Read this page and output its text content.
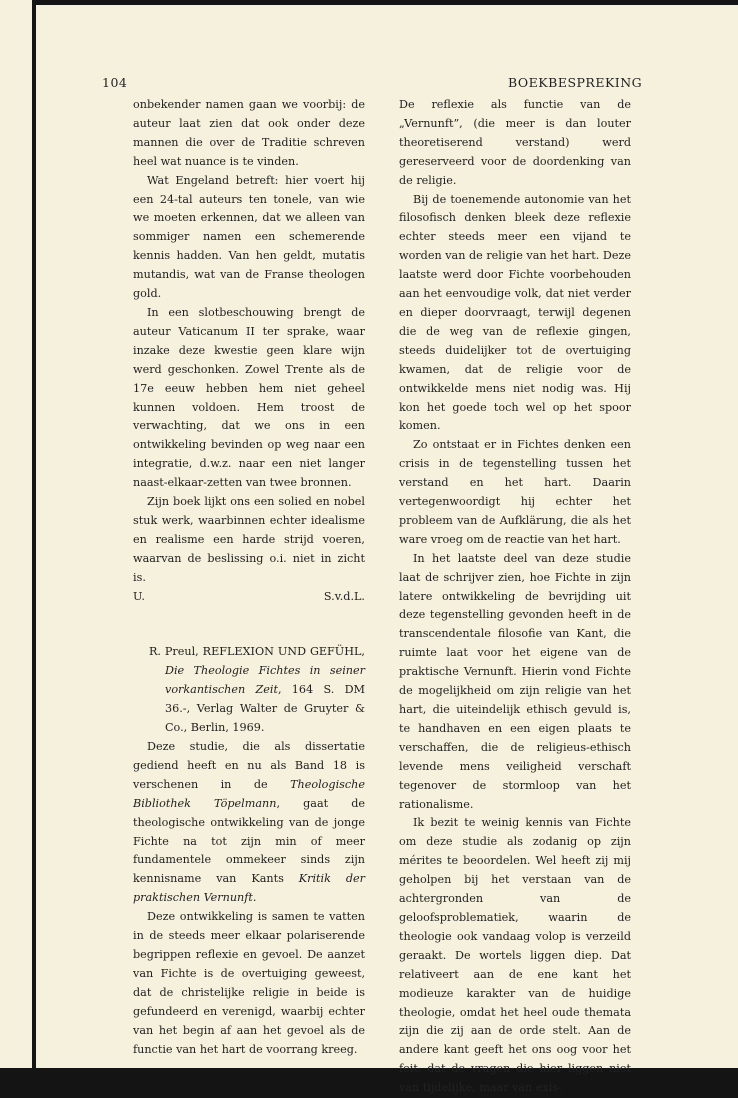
104	BOEKBESPREKING

onbekender namen gaan we voorbij: de auteur laat zien dat ook onder deze mannen die over de Traditie schreven heel wat nuance is te vinden.

Wat Engeland betreft: hier voert hij een 24-tal auteurs ten tonele, van wie we moeten erkennen, dat we alleen van sommiger namen een schemerende kennis hadden. Van hen geldt, mutatis mutandis, wat van de Franse theologen gold.

In een slotbeschouwing brengt de auteur Vaticanum II ter sprake, waar inzake deze kwestie geen klare wijn werd geschonken. Zowel Trente als de 17e eeuw hebben hem niet geheel kunnen voldoen. Hem troost de verwachting, dat we ons in een ontwikkeling bevinden op weg naar een integratie, d.w.z. naar een niet langer naast-elkaar-zetten van twee bronnen.

Zijn boek lijkt ons een solied en nobel stuk werk, waarbinnen echter idealisme en realisme een harde strijd voeren, waarvan de beslissing o.i. niet in zicht is.

U.	S.v.d.L.

R. Preul, REFLEXION UND GEFÜHL, Die Theologie Fichtes in seiner vorkantischen Zeit, 164 S. DM 36.-, Verlag Walter de Gruyter & Co., Berlin, 1969.

Deze studie, die als dissertatie gediend heeft en nu als Band 18 is verschenen in de Theologische Bibliothek Töpelmann, gaat de theologische ontwikkeling van de jonge Fichte na tot zijn min of meer fundamentele ommekeer sinds zijn kennisname van Kants Kritik der praktischen Vernunft.

Deze ontwikkeling is samen te vatten in de steeds meer elkaar polariserende begrippen reflexie en gevoel. De aanzet van Fichte is de overtuiging geweest, dat de christelijke religie in beide is gefundeerd en verenigd, waarbij echter van het begin af aan het gevoel als de functie van het hart de voorrang kreeg.

De reflexie als functie van de „Vernunft”, (die meer is dan louter theoretiserend verstand) werd gereserveerd voor de doordenking van de religie.

Bij de toenemende autonomie van het filosofisch denken bleek deze reflexie echter steeds meer een vijand te worden van de religie van het hart. Deze laatste werd door Fichte voorbehouden aan het eenvoudige volk, dat niet verder en dieper doorvraagt, terwijl degenen die de weg van de reflexie gingen, steeds duidelijker tot de overtuiging kwamen, dat de religie voor de ontwikkelde mens niet nodig was. Hij kon het goede toch wel op het spoor komen.

Zo ontstaat er in Fichtes denken een crisis in de tegenstelling tussen het verstand en het hart. Daarin vertegenwoordigt hij echter het probleem van de Aufklärung, die als het ware vroeg om de reactie van het hart.

In het laatste deel van deze studie laat de schrijver zien, hoe Fichte in zijn latere ontwikkeling de bevrijding uit deze tegenstelling gevonden heeft in de transcendentale filosofie van Kant, die ruimte laat voor het eigene van de praktische Vernunft. Hierin vond Fichte de mogelijkheid om zijn religie van het hart, die uiteindelijk ethisch gevuld is, te handhaven en een eigen plaats te verschaffen, die de religieus-ethisch levende mens veiligheid verschaft tegenover de stormloop van het rationalisme.

Ik bezit te weinig kennis van Fichte om deze studie als zodanig op zijn mérites te beoordelen. Wel heeft zij mij geholpen bij het verstaan van de achtergronden van de geloofsproblematiek, waarin de theologie ook vandaag volop is verzeild geraakt. De wortels liggen diep. Dat relativeert aan de ene kant het modieuze karakter van de huidige theologie, omdat het heel oude themata zijn die zij aan de orde stelt. Aan de andere kant geeft het ons oog voor het feit, dat de vragen die hier liggen niet van tijdelijke, maar van exis-
